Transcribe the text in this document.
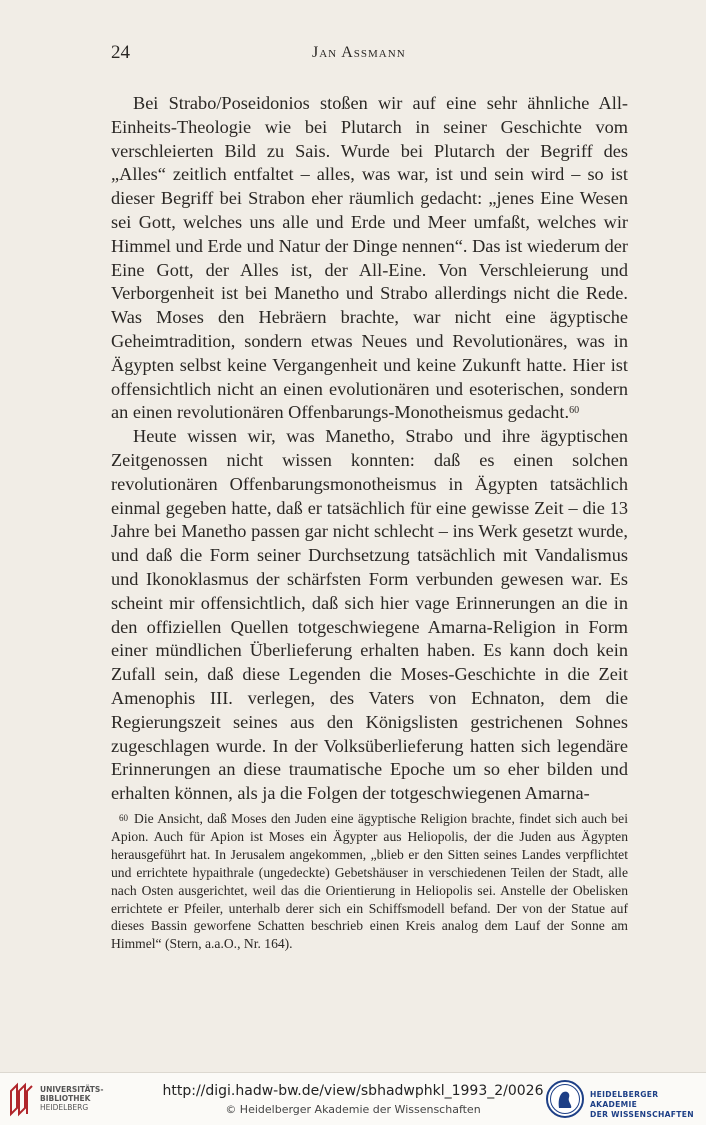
24	Jan Assmann

Bei Strabo/Poseidonios stoßen wir auf eine sehr ähnliche All-Einheits-Theologie wie bei Plutarch in seiner Geschichte vom verschleierten Bild zu Sais. Wurde bei Plutarch der Begriff des „Alles“ zeitlich entfaltet – alles, was war, ist und sein wird – so ist dieser Begriff bei Strabon eher räumlich gedacht: „jenes Eine Wesen sei Gott, welches uns alle und Erde und Meer umfaßt, welches wir Himmel und Erde und Natur der Dinge nennen“. Das ist wiederum der Eine Gott, der Alles ist, der All-Eine. Von Verschleierung und Verborgenheit ist bei Manetho und Strabo allerdings nicht die Rede. Was Moses den Hebräern brachte, war nicht eine ägyptische Geheimtradition, sondern etwas Neues und Revolutionäres, was in Ägypten selbst keine Vergangenheit und keine Zukunft hatte. Hier ist offensichtlich nicht an einen evolutionären und esoterischen, sondern an einen revolutionären Offenbarungs-Monotheismus gedacht.$^{60}$

Heute wissen wir, was Manetho, Strabo und ihre ägyptischen Zeitgenossen nicht wissen konnten: daß es einen solchen revolutionären Offenbarungsmonotheismus in Ägypten tatsächlich einmal gegeben hatte, daß er tatsächlich für eine gewisse Zeit – die 13 Jahre bei Manetho passen gar nicht schlecht – ins Werk gesetzt wurde, und daß die Form seiner Durchsetzung tatsächlich mit Vandalismus und Ikonoklasmus der schärfsten Form verbunden gewesen war. Es scheint mir offensichtlich, daß sich hier vage Erinnerungen an die in den offiziellen Quellen totgeschwiegene Amarna-Religion in Form einer mündlichen Überlieferung erhalten haben. Es kann doch kein Zufall sein, daß diese Legenden die Moses-Geschichte in die Zeit Amenophis III. verlegen, des Vaters von Echnaton, dem die Regierungszeit seines aus den Königslisten gestrichenen Sohnes zugeschlagen wurde. In der Volksüberlieferung hatten sich legendäre Erinnerungen an diese traumatische Epoche um so eher bilden und erhalten können, als ja die Folgen der totgeschwiegenen Amarna-

$^{60}$ Die Ansicht, daß Moses den Juden eine ägyptische Religion brachte, findet sich auch bei Apion. Auch für Apion ist Moses ein Ägypter aus Heliopolis, der die Juden aus Ägypten herausgeführt hat. In Jerusalem angekommen, „blieb er den Sitten seines Landes verpflichtet und errichtete hypaithrale (ungedeckte) Gebetshäuser in verschiedenen Teilen der Stadt, alle nach Osten ausgerichtet, weil das die Orientierung in Heliopolis sei. Anstelle der Obelisken errichtete er Pfeiler, unterhalb derer sich ein Schiffsmodell befand. Der von der Statue auf dieses Bassin geworfene Schatten beschrieb einen Kreis analog dem Lauf der Sonne am Himmel“ (Stern, a.a.O., Nr. 164).

UNIVERSITÄTS-
BIBLIOTHEK
HEIDELBERG
http://digi.hadw-bw.de/view/sbhadwphkl_1993_2/0026
© Heidelberger Akademie der Wissenschaften
HEIDELBERGER AKADEMIE
DER WISSENSCHAFTEN
